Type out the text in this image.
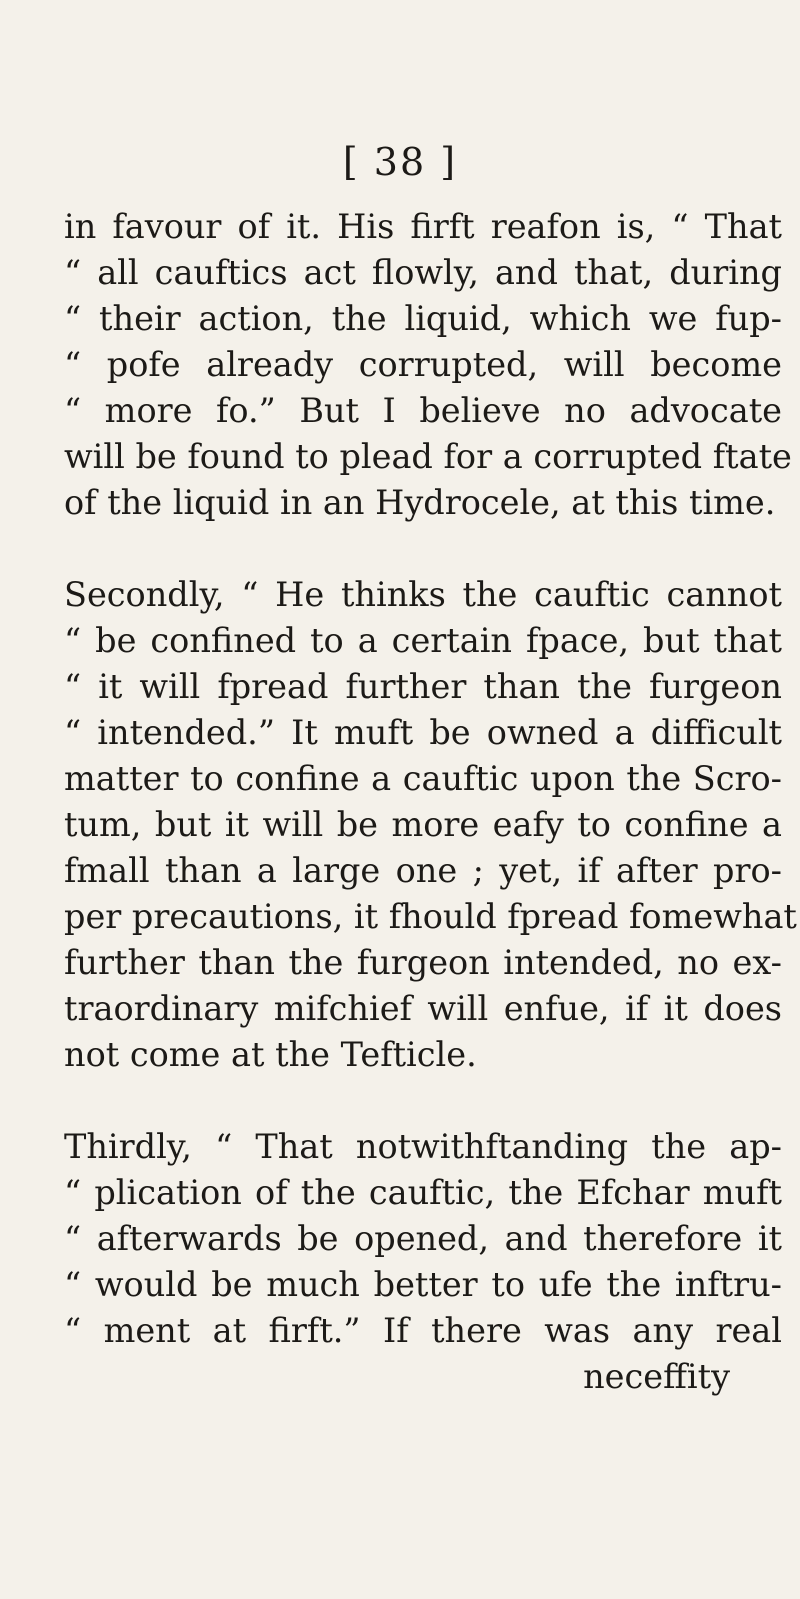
[ 38 ]
in favour of it. His firft reafon is, “ That
“ all cauftics act flowly, and that, during
“ their action, the liquid, which we fup-
“ pofe already corrupted, will become
“ more fo.” But I believe no advocate
will be found to plead for a corrupted ftate
of the liquid in an Hydrocele, at this time.
Secondly, “ He thinks the cauftic cannot
“ be confined to a certain fpace, but that
“ it will fpread further than the furgeon
“ intended.” It muft be owned a difficult
matter to confine a cauftic upon the Scro-
tum, but it will be more eafy to confine a
fmall than a large one ; yet, if after pro-
per precautions, it fhould fpread fomewhat
further than the furgeon intended, no ex-
traordinary mifchief will enfue, if it does
not come at the Tefticle.
Thirdly, “ That notwithftanding the ap-
“ plication of the cauftic, the Efchar muft
“ afterwards be opened, and therefore it
“ would be much better to ufe the inftru-
“ ment at firft.” If there was any real
neceffity
